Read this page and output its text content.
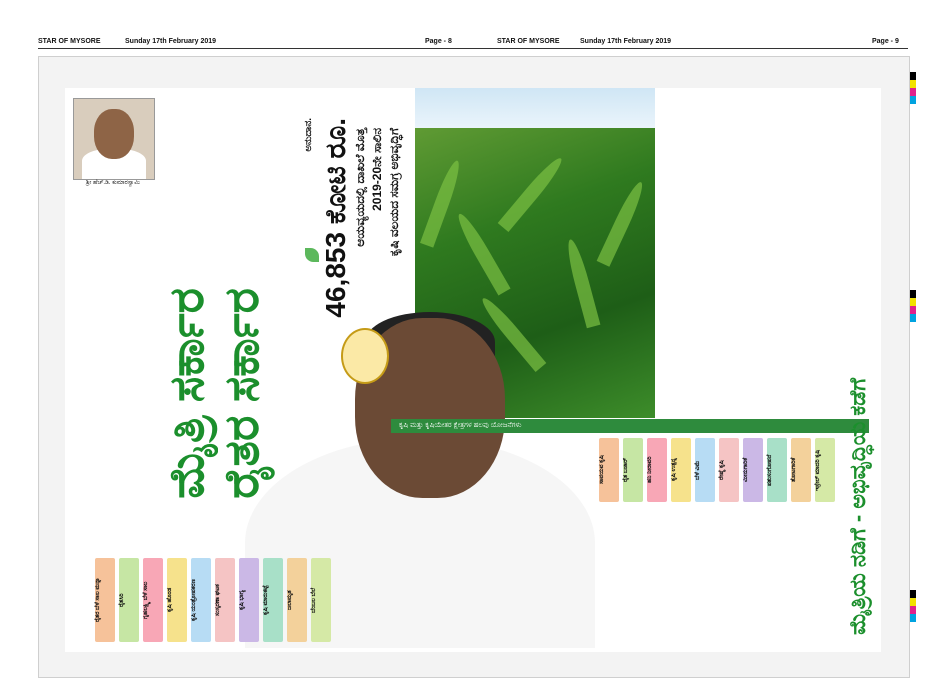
STAR OF MYSORE	Sunday 17th February 2019	Page - 8	STAR OF MYSORE	Sunday 17th February 2019	Page - 9
ಶ್ರೀ ಹೆಚ್.ಡಿ. ಕುಮಾರಸ್ವಾಮಿ
ಮೈತ್ರಿ ಸರ್ಕಾರ ರೈತರ ಸರ್ಕಾರ
ಕೃಷಿ ವಲಯದ ಸಮಗ್ರ ಅಭಿವೃದ್ಧಿಗೆ
2019-20ನೇ ಸಾಲಿನ
ಆಯವ್ಯಯದಲ್ಲಿ ದಾಖಲೆ ಮೊತ್ತ
46,853 ಕೋಟಿ ರೂ.
ಅನುದಾನ.
ಕೃಷಿ ಮತ್ತು ಕೃಷಿಯೇತರ ಕ್ಷೇತ್ರಗಳ ಹಲವು ಯೋಜನೆಗಳು
ರೈತರ ಬೆಳೆ ಸಾಲ ಮನ್ನಾ	ರೈತಸಿರಿ	ಗೃಹಲಕ್ಷ್ಮಿ ಬೆಳೆ ಸಾಲ	ಕೃಷಿ ಹೊಂಡ	ಕೃಷಿ ಯಂತ್ರೋಪಕರಣ	ಸಂಸ್ಕರಣಾ ಘಟಕ	ಕೃಷಿ ಭಾಗ್ಯ	ಕೃಷಿ ಮಾರುಕಟ್ಟೆ	ಜಲಾಮೃತ	ಬೆಂಬಲ ಬೆಲೆ
ಸಾವಯವ ಕೃಷಿ	ರೈತ ಬಜಾರ್	ಹನಿ ನೀರಾವರಿ	ಕೃಷಿ ಉತ್ಪನ್ನ	ಬೆಳೆ ವಿಮೆ	ರೇಷ್ಮೆ ಕೃಷಿ	ಮೀನುಗಾರಿಕೆ	ಪಶುಸಂಗೋಪನೆ	ತೋಟಗಾರಿಕೆ	ಇಸ್ರೇಲ್ ಮಾದರಿ ಕೃಷಿ	ಮೈತ್ರಿಯ ನಡಿಗೆ - ಅಭಿವೃದ್ಧಿಯ ಕಡೆಗೆ
